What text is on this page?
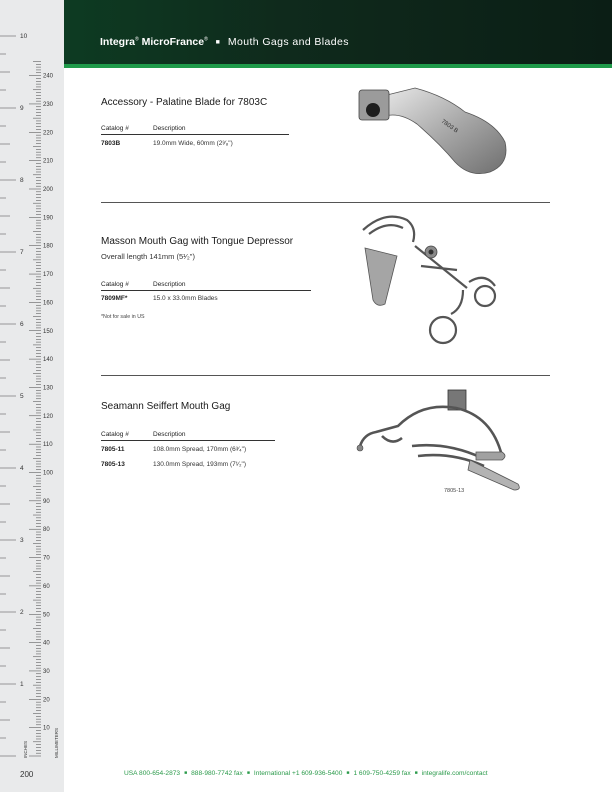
230
220
210
200
190
180
170
160
150
140
130
120
110
100
90
80
70
60
50
40
30
20
10
240
10
9
8
7
6
5
4
3
2
1
INCHES	MILLIMETERS
Integra® MicroFrance® ■ Mouth Gags and Blades
Accessory - Palatine Blade for 7803C
Catalog #	Description
7803B	19.0mm Wide, 60mm (2³⁄₈")
7803 B
Masson Mouth Gag with Tongue Depressor
Overall length 141mm (5¹⁄₂")
Catalog #	Description
7809MF*	15.0 x 33.0mm Blades
*Not for sale in US
Seamann Seiffert Mouth Gag
Catalog #	Description
7805-11	108.0mm Spread, 170mm (6³⁄₄")
7805-13	130.0mm Spread, 193mm (7¹⁄₂")
7805-13
200	USA 800-654-2873 ■ 888-980-7742 fax ■ International +1 609-936-5400 ■ 1 609-750-4259 fax ■ integralife.com/contact
